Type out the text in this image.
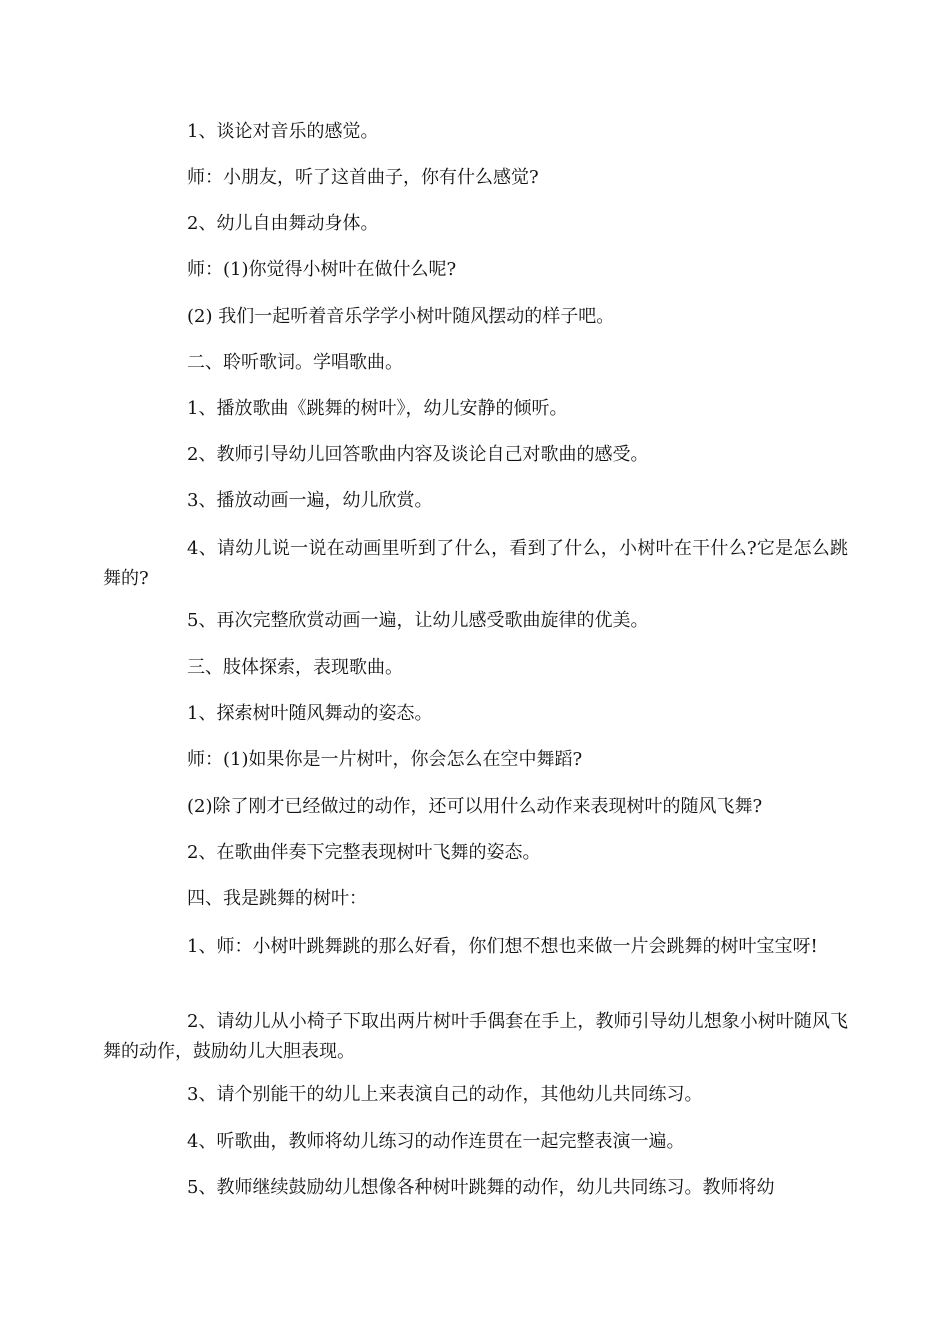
1、谈论对音乐的感觉。

师：小朋友，听了这首曲子，你有什么感觉?

2、幼儿自由舞动身体。

师：(1)你觉得小树叶在做什么呢?

(2) 我们一起听着音乐学学小树叶随风摆动的样子吧。

二、聆听歌词。学唱歌曲。

1、播放歌曲《跳舞的树叶》，幼儿安静的倾听。

2、教师引导幼儿回答歌曲内容及谈论自己对歌曲的感受。

3、播放动画一遍，幼儿欣赏。

4、请幼儿说一说在动画里听到了什么，看到了什么，小树叶在干什么?它是怎么跳舞的?

5、再次完整欣赏动画一遍，让幼儿感受歌曲旋律的优美。

三、肢体探索，表现歌曲。

1、探索树叶随风舞动的姿态。

师：(1)如果你是一片树叶，你会怎么在空中舞蹈?

(2)除了刚才已经做过的动作，还可以用什么动作来表现树叶的随风飞舞?

2、在歌曲伴奏下完整表现树叶飞舞的姿态。

四、我是跳舞的树叶：

1、师：小树叶跳舞跳的那么好看，你们想不想也来做一片会跳舞的树叶宝宝呀!

2、请幼儿从小椅子下取出两片树叶手偶套在手上，教师引导幼儿想象小树叶随风飞舞的动作，鼓励幼儿大胆表现。

3、请个别能干的幼儿上来表演自己的动作，其他幼儿共同练习。

4、听歌曲，教师将幼儿练习的动作连贯在一起完整表演一遍。

5、教师继续鼓励幼儿想像各种树叶跳舞的动作，幼儿共同练习。教师将幼
